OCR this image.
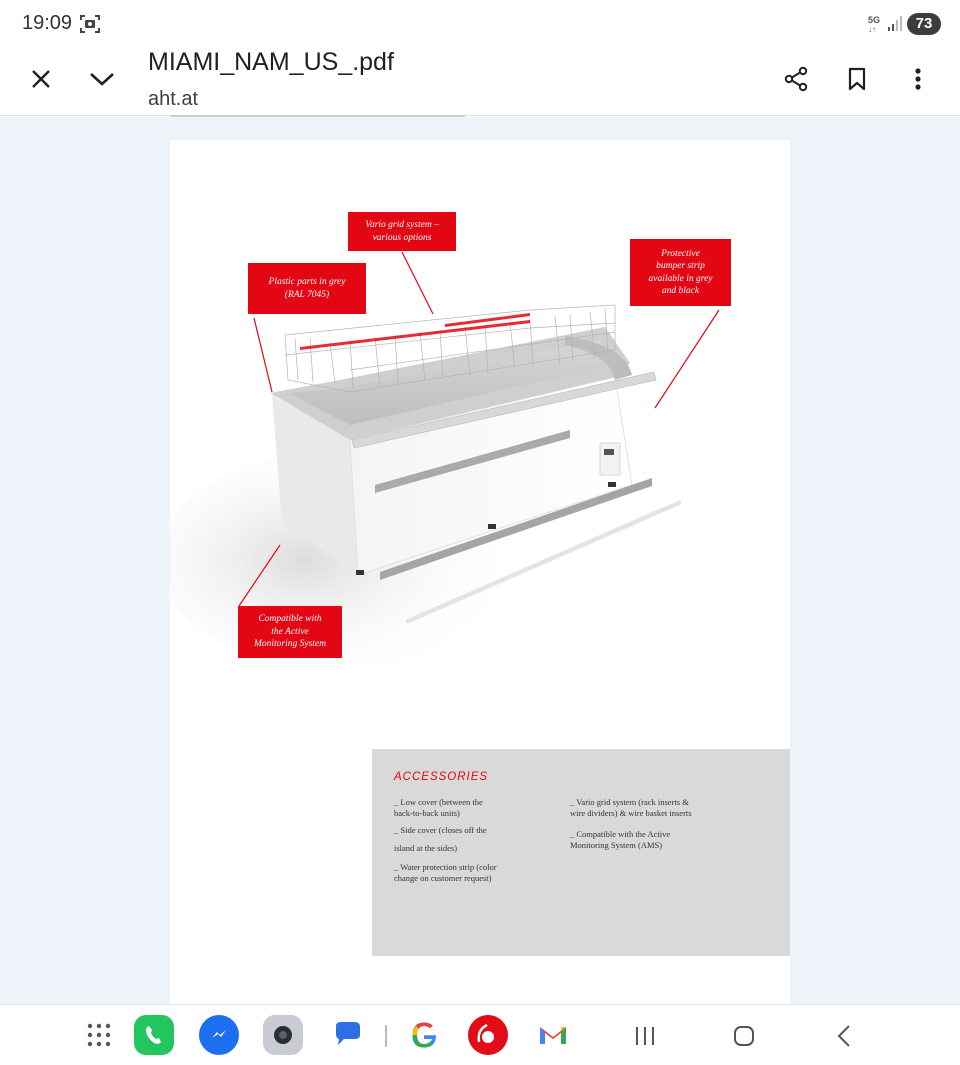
19:09	5G
↓↑	73
MIAMI_NAM_US_.pdf
aht.at
Vario grid system –
various options
Plastic parts in grey
(RAL 7045)
Protective
bumper strip
available in grey
and black
Compatible with
the Active
Monitoring System
ACCESSORIES
_ Low cover (between the
back-to-back units)
_ Side cover (closes off the
island at the sides)
_ Water protection strip (color
change on customer request)
_ Vario grid system (rack inserts &
wire dividers) & wire basket inserts
_ Compatible with the Active
Monitoring System (AMS)
